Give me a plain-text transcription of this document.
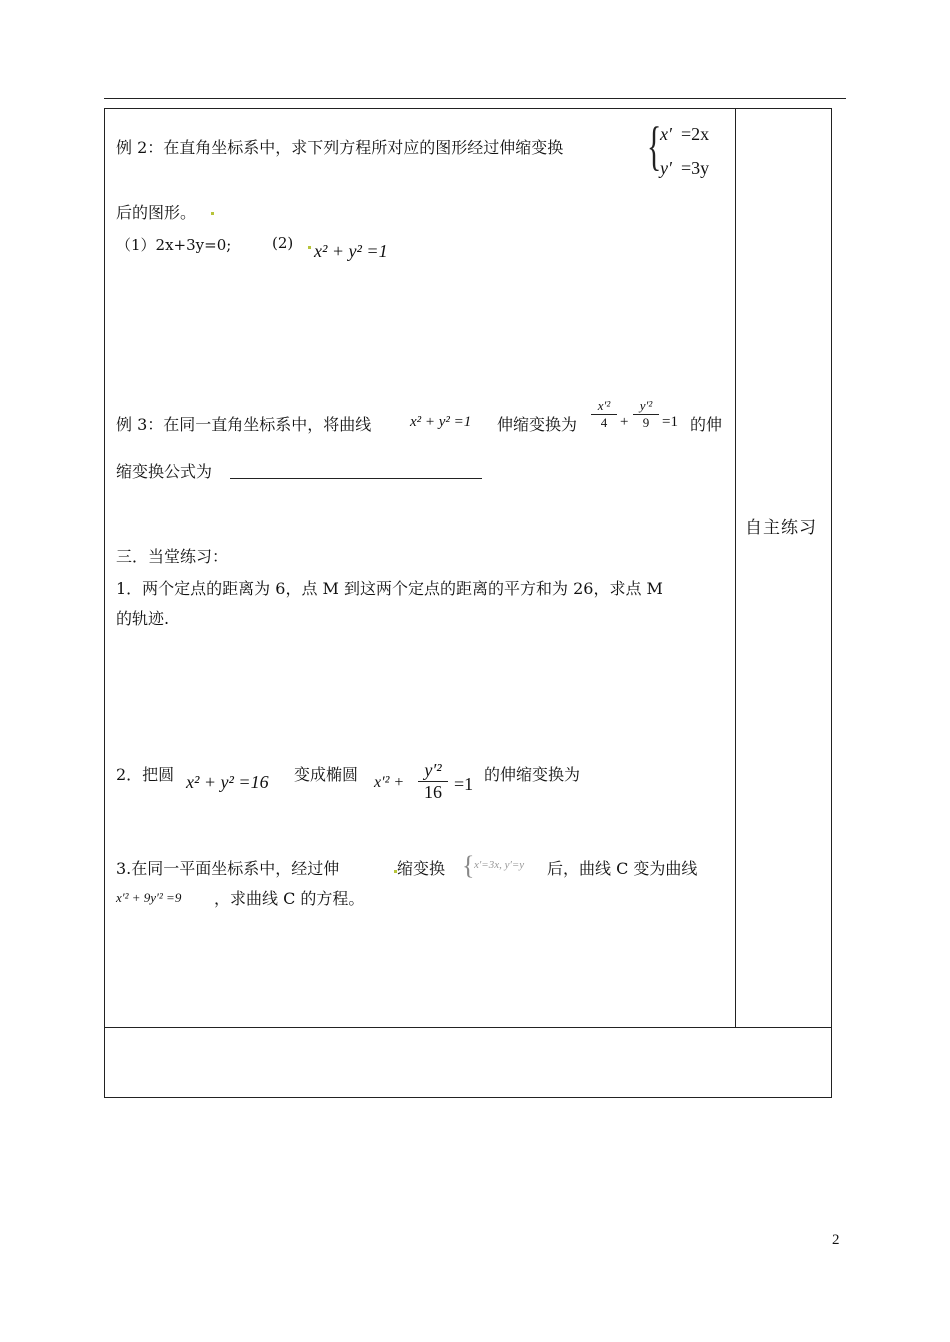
自主练习
例 2：在直角坐标系中，求下列方程所对应的图形经过伸缩变换 {
x′ =2x
y′ =3y
后的图形。
（1）2x+3y=0;	(2) x² + y² =1
例 3：在同一直角坐标系中，将曲线	x² + y² =1 伸缩变换为
x′²
4 +
y′²
9 =1 的伸
缩变换公式为
三．当堂练习：
1．两个定点的距离为 6，点 M 到这两个定点的距离的平方和为 26，求点 M
的轨迹.
2．把圆 x² + y² =16 变成椭圆 x′² +
y′²
16 =1 的伸缩变换为
3.在同一平面坐标系中，经过伸	缩变换 { x′=3x, y′=y	后，曲线 C 变为曲线
x′² + 9y′² =9 ，求曲线 C 的方程。
2
